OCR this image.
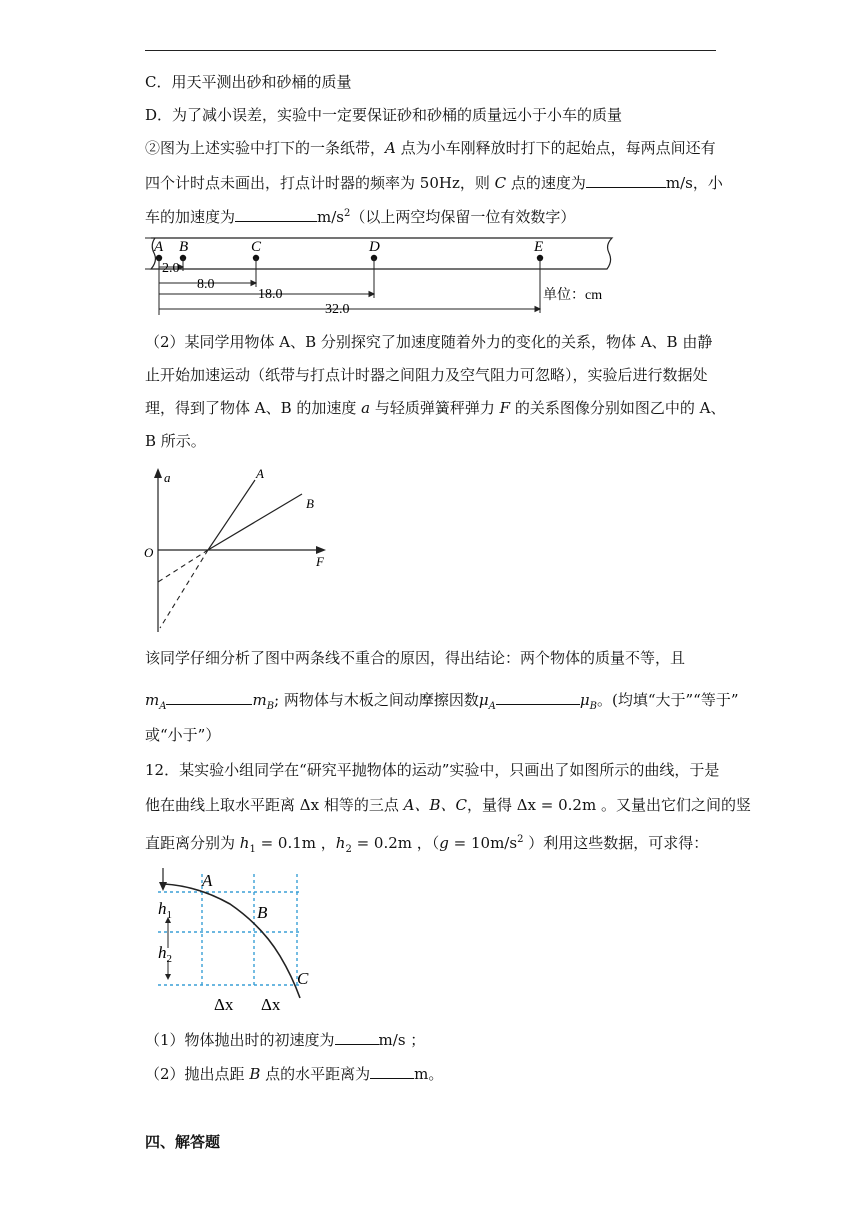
C．用天平测出砂和砂桶的质量
D．为了减小误差，实验中一定要保证砂和砂桶的质量远小于小车的质量
②图为上述实验中打下的一条纸带，A 点为小车刚释放时打下的起始点，每两点间还有
四个计时点未画出，打点计时器的频率为 50Hz，则 C 点的速度为	m/s，小
车的加速度为	$m/s^2$（以上两空均保留一位有效数字）
A B	C	D	E
2.0
8.0
18.0
32.0
单位：cm
（2）某同学用物体 A、B 分别探究了加速度随着外力的变化的关系，物体 A、B 由静
止开始加速运动（纸带与打点计时器之间阻力及空气阻力可忽略），实验后进行数据处
理，得到了物体 A、B 的加速度 a 与轻质弹簧秤弹力 F 的关系图像分别如图乙中的 A、
B 所示。
a
F
O
A
B
该同学仔细分析了图中两条线不重合的原因，得出结论：两个物体的质量不等，且
$m_A$	$m_B$; 两物体与木板之间动摩擦因数$\mu_A$	$\mu_B$。(均填“大于”“等于”
或“小于”）
12．某实验小组同学在“研究平抛物体的运动”实验中，只画出了如图所示的曲线，于是
他在曲线上取水平距离 Δx 相等的三点 A、B、C，量得 Δx = 0.2m 。又量出它们之间的竖
直距离分别为 $h_1 = 0.1m$ ，$h_2 = 0.2m$ ，（$g = 10m/s^2$ ）利用这些数据，可求得：
$h_1$
$h_2$
A
B
C
Δx Δx
（1）物体抛出时的初速度为	m/s ；
（2）抛出点距 B 点的水平距离为	m。
四、解答题
